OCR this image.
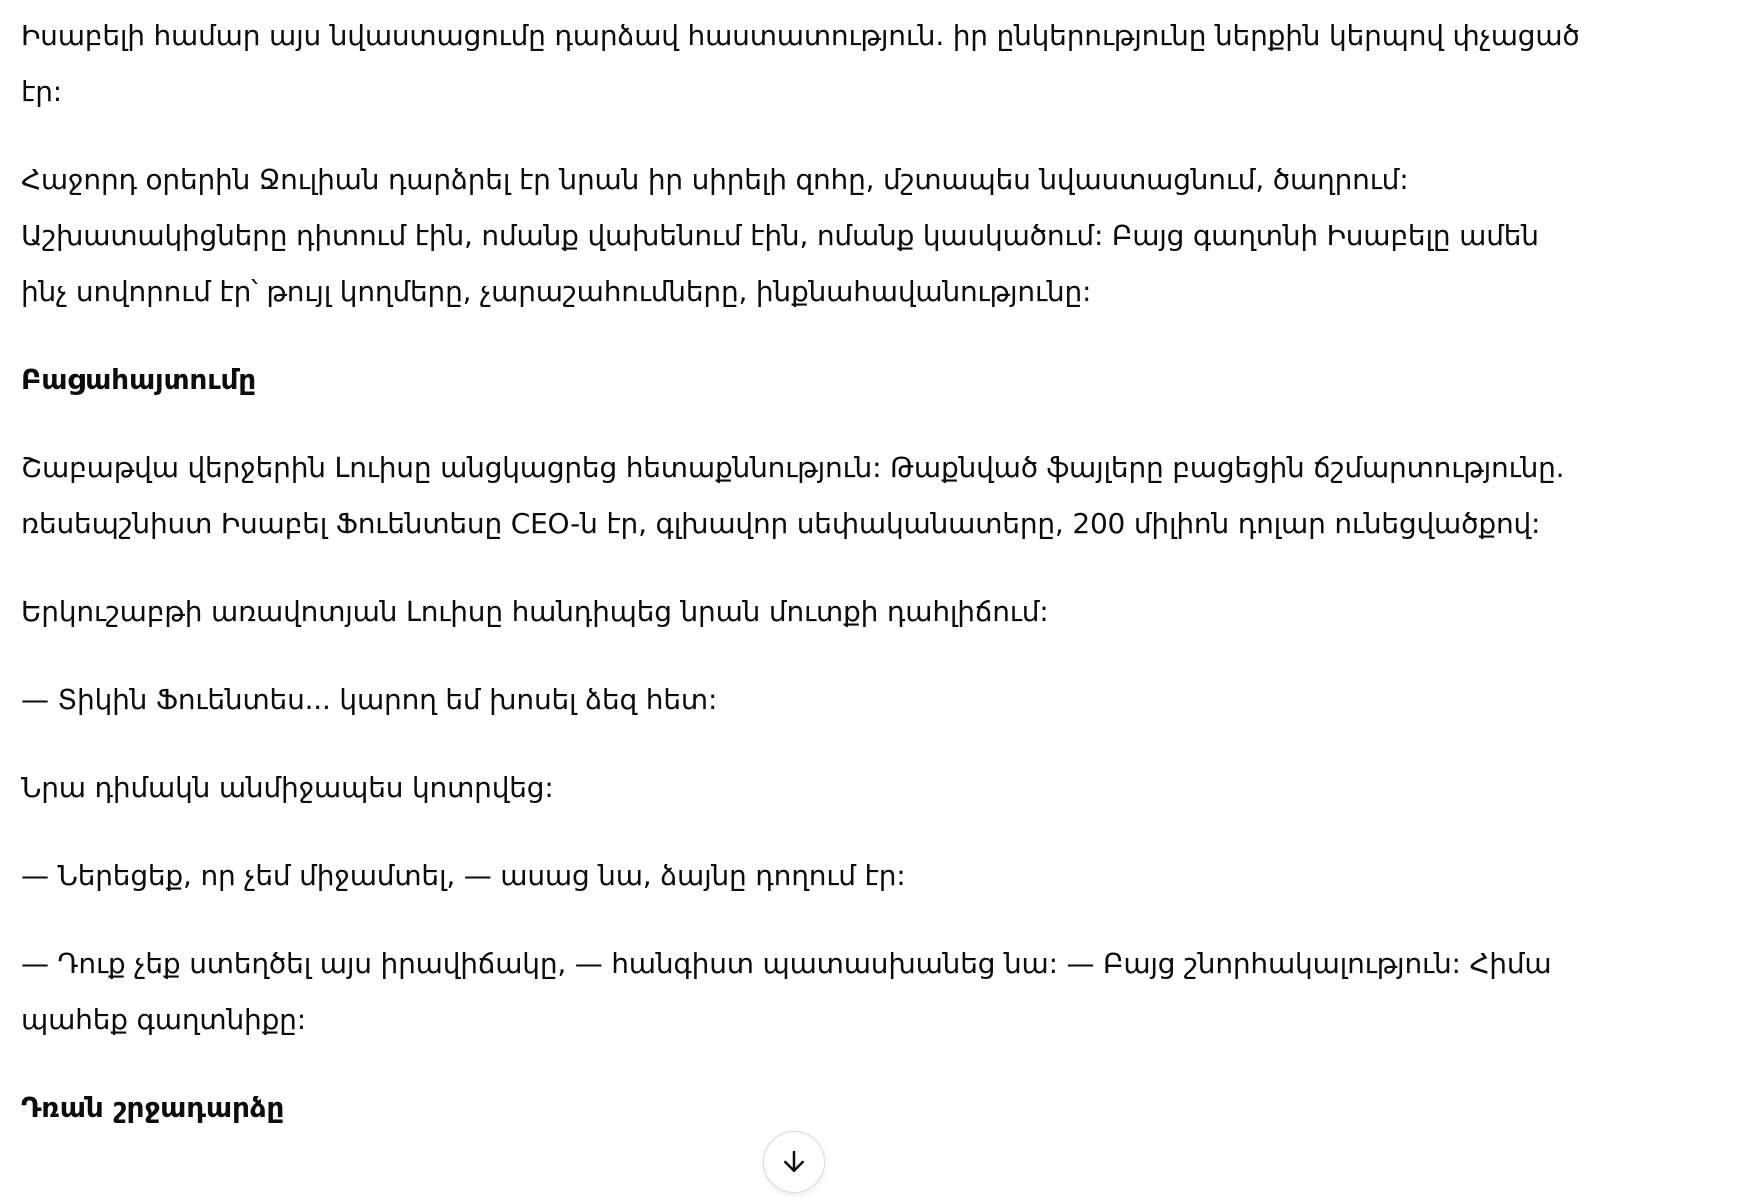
Իսաբելի համար այս նվաստացումը դարձավ հաստատություն. իր ընկերությունը ներքին կերպով փչացած էր:

Հաջորդ օրերին Ջուլիան դարձրել էր նրան իր սիրելի զոհը, մշտապես նվաստացնում, ծաղրում: Աշխատակիցները դիտում էին, ոմանք վախենում էին, ոմանք կասկածում: Բայց գաղտնի Իսաբելը ամեն ինչ սովորում էր՝ թույլ կողմերը, չարաշահումները, ինքնահավանությունը:

Բացահայտումը

Շաբաթվա վերջերին Լուիսը անցկացրեց հետաքննություն: Թաքնված ֆայլերը բացեցին ճշմարտությունը. ռեսեպշնիստ Իսաբել Ֆուենտեսը CEO-ն էր, գլխավոր սեփականատերը, 200 միլիոն դոլար ունեցվածքով:

Երկուշաբթի առավոտյան Լուիսը հանդիպեց նրան մուտքի դահլիճում:

— Տիկին Ֆուենտես... կարող եմ խոսել ձեզ հետ:

Նրա դիմակն անմիջապես կոտրվեց:

— Ներեցեք, որ չեմ միջամտել, — ասաց նա, ձայնը դողում էր:

— Դուք չեք ստեղծել այս իրավիճակը, — հանգիստ պատասխանեց նա: — Բայց շնորհակալություն: Հիմա պահեք գաղտնիքը:

Դռան շրջադարձը
